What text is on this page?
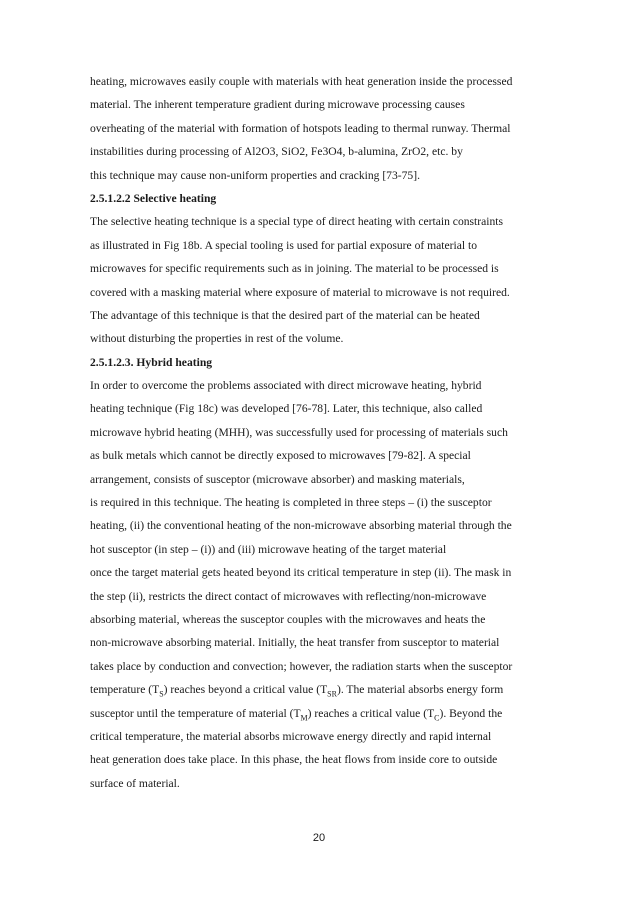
heating, microwaves easily couple with materials with heat generation inside the processed
material. The inherent temperature gradient during microwave processing causes
overheating of the material with formation of hotspots leading to thermal runway. Thermal
instabilities during processing of Al2O3, SiO2, Fe3O4, b-alumina, ZrO2, etc. by
this technique may cause non-uniform properties and cracking [73-75].
2.5.1.2.2 Selective heating
The selective heating technique is a special type of direct heating with certain constraints
as illustrated in Fig 18b. A special tooling is used for partial exposure of material to
microwaves for specific requirements such as in joining. The material to be processed is
covered with a masking material where exposure of material to microwave is not required.
The advantage of this technique is that the desired part of the material can be heated
without disturbing the properties in rest of the volume.
2.5.1.2.3. Hybrid heating
In order to overcome the problems associated with direct microwave heating, hybrid
heating technique (Fig 18c) was developed [76-78]. Later, this technique, also called
microwave hybrid heating (MHH), was successfully used for processing of materials such
as bulk metals which cannot be directly exposed to microwaves [79-82]. A special
arrangement, consists of susceptor (microwave absorber) and masking materials,
is required in this technique. The heating is completed in three steps – (i) the susceptor
heating, (ii) the conventional heating of the non-microwave absorbing material through the
hot susceptor (in step – (i)) and (iii) microwave heating of the target material
once the target material gets heated beyond its critical temperature in step (ii). The mask in
the step (ii), restricts the direct contact of microwaves with reflecting/non-microwave
absorbing material, whereas the susceptor couples with the microwaves and heats the
non-microwave absorbing material. Initially, the heat transfer from susceptor to material
takes place by conduction and convection; however, the radiation starts when the susceptor
temperature $(T_S)$ reaches beyond a critical value $(T_{SR})$. The material absorbs energy form
susceptor until the temperature of material $(T_M)$ reaches a critical value $(T_C)$. Beyond the
critical temperature, the material absorbs microwave energy directly and rapid internal
heat generation does take place. In this phase, the heat flows from inside core to outside
surface of material.
20
